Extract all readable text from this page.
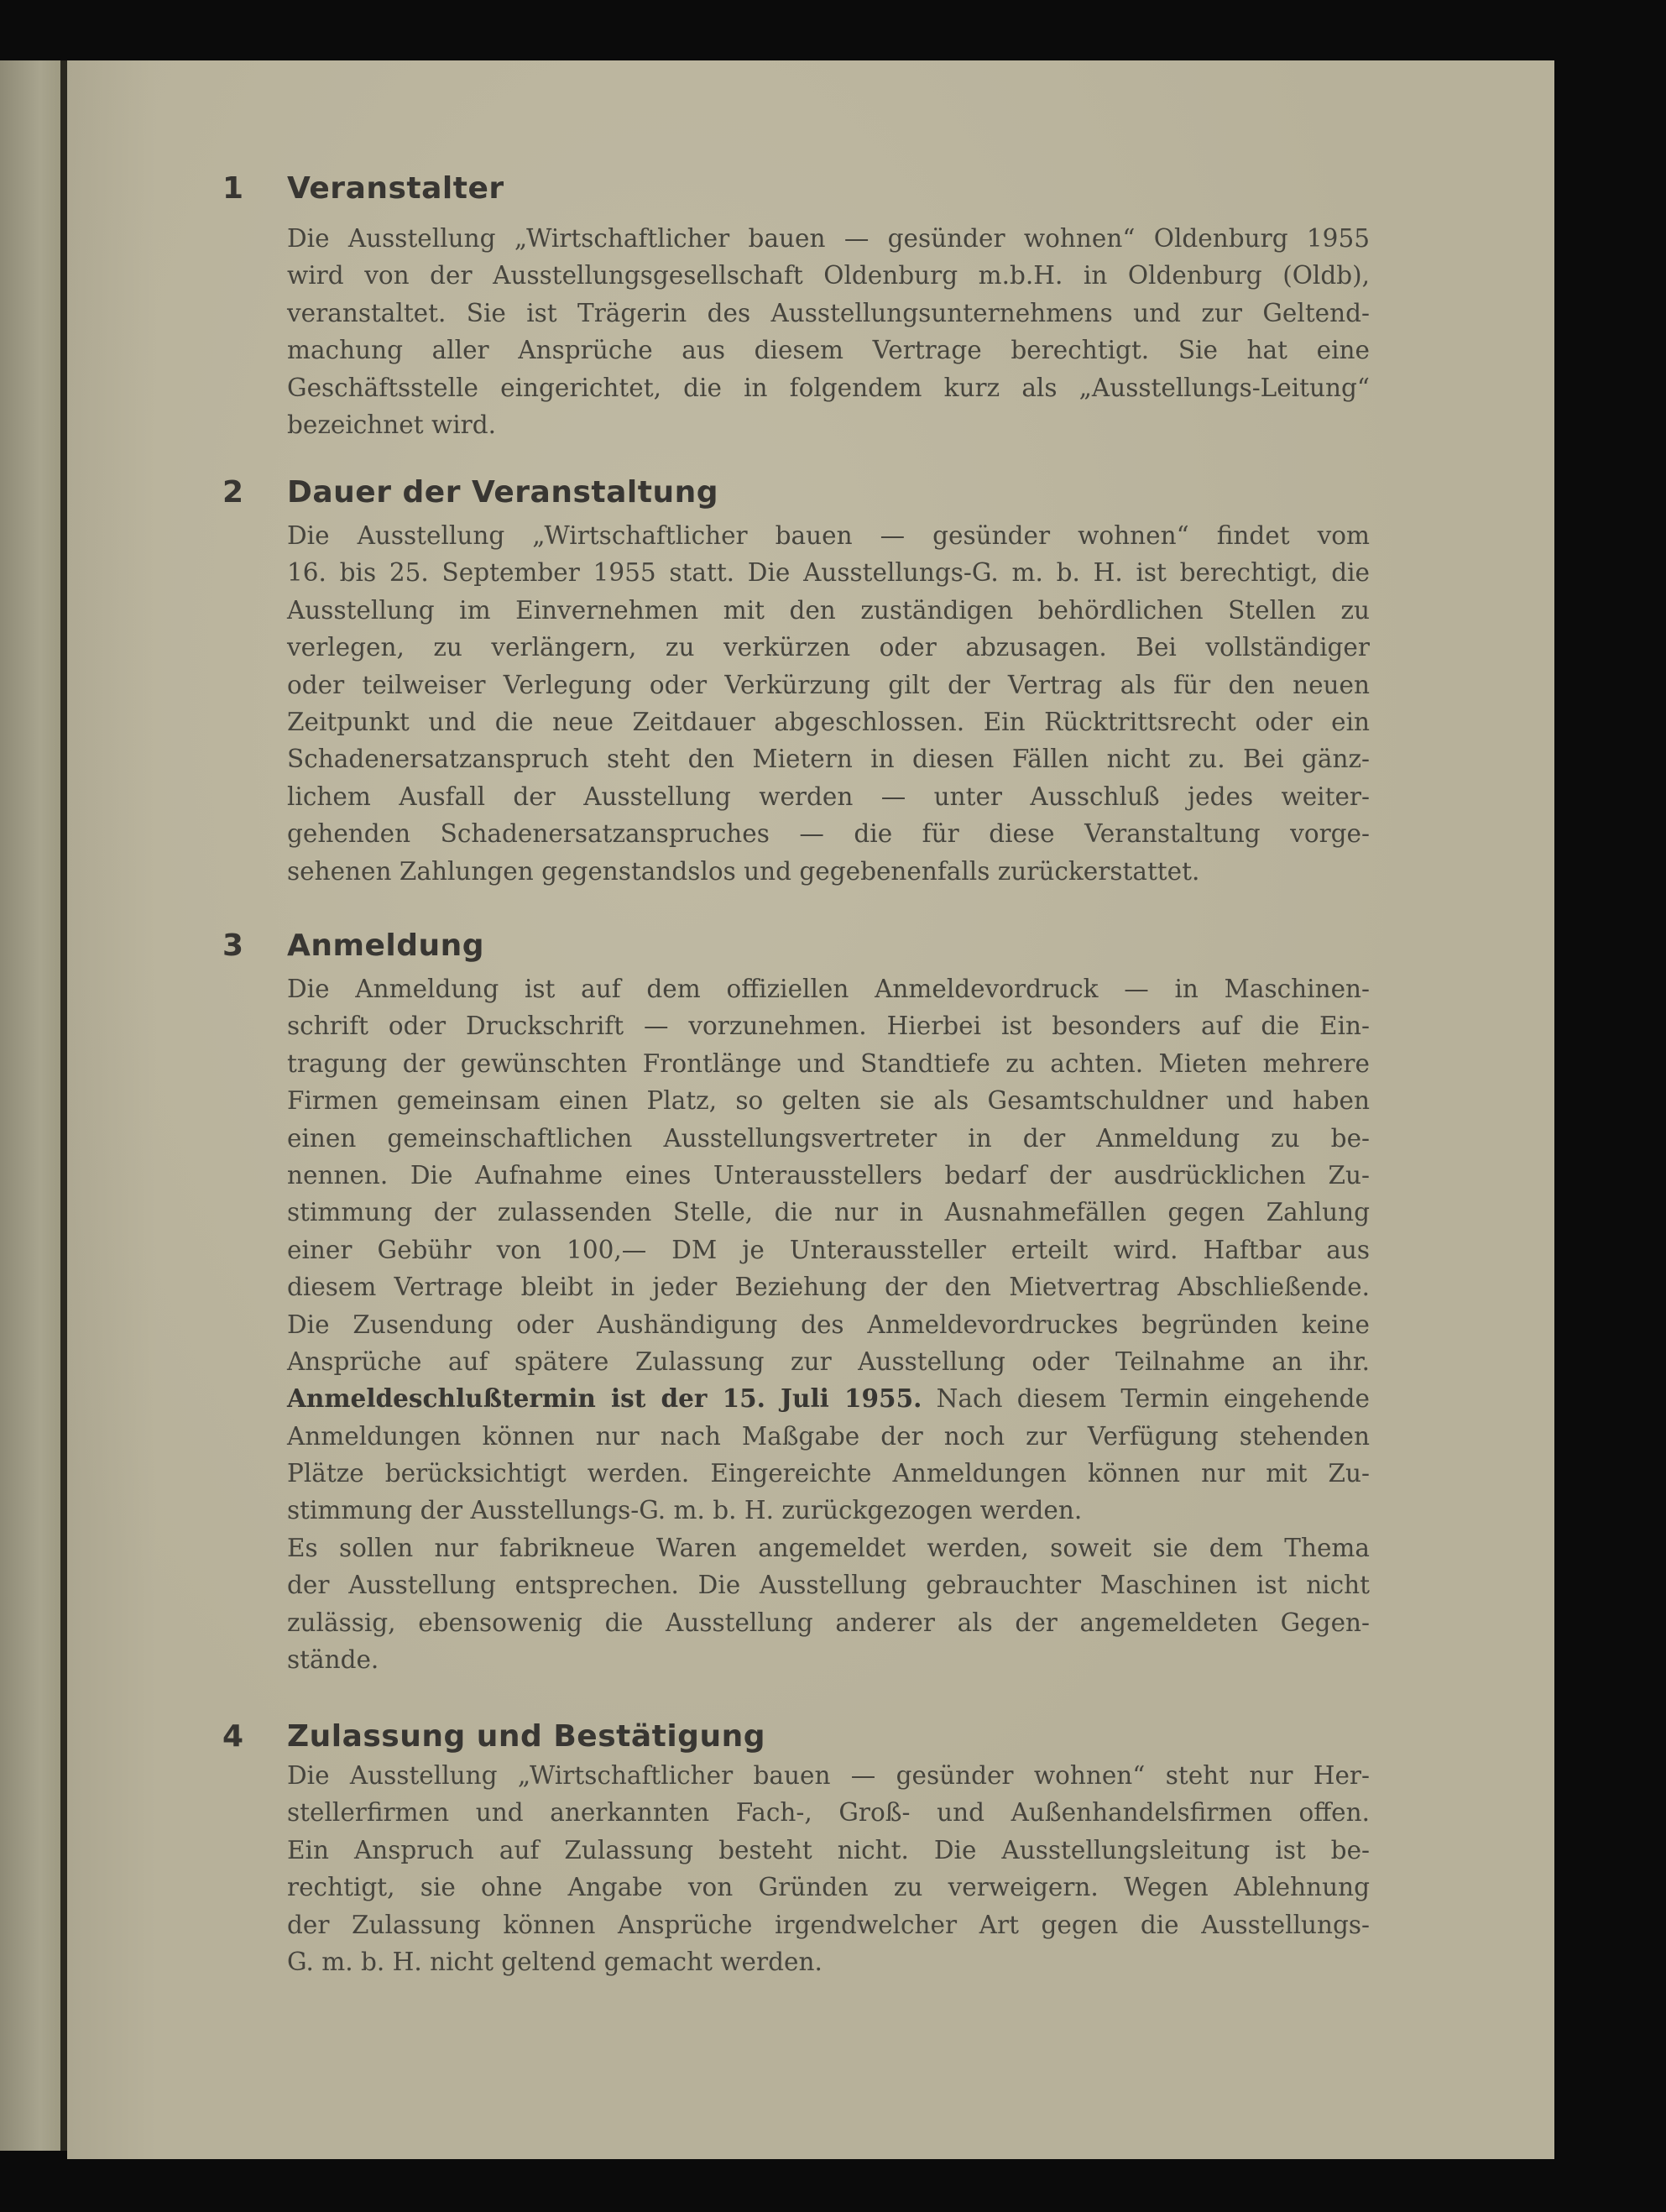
1 Veranstalter
Die Ausstellung „Wirtschaftlicher bauen — gesünder wohnen“ Oldenburg 1955
wird von der Ausstellungsgesellschaft Oldenburg m.b.H. in Oldenburg (Oldb),
veranstaltet. Sie ist Trägerin des Ausstellungsunternehmens und zur Geltend-
machung aller Ansprüche aus diesem Vertrage berechtigt. Sie hat eine
Geschäftsstelle eingerichtet, die in folgendem kurz als „Ausstellungs-Leitung“
bezeichnet wird.
2 Dauer der Veranstaltung
Die Ausstellung „Wirtschaftlicher bauen — gesünder wohnen“ findet vom
16. bis 25. September 1955 statt. Die Ausstellungs-G. m. b. H. ist berechtigt, die
Ausstellung im Einvernehmen mit den zuständigen behördlichen Stellen zu
verlegen, zu verlängern, zu verkürzen oder abzusagen. Bei vollständiger
oder teilweiser Verlegung oder Verkürzung gilt der Vertrag als für den neuen
Zeitpunkt und die neue Zeitdauer abgeschlossen. Ein Rücktrittsrecht oder ein
Schadenersatzanspruch steht den Mietern in diesen Fällen nicht zu. Bei gänz-
lichem Ausfall der Ausstellung werden — unter Ausschluß jedes weiter-
gehenden Schadenersatzanspruches — die für diese Veranstaltung vorge-
sehenen Zahlungen gegenstandslos und gegebenenfalls zurückerstattet.
3 Anmeldung
Die Anmeldung ist auf dem offiziellen Anmeldevordruck — in Maschinen-
schrift oder Druckschrift — vorzunehmen. Hierbei ist besonders auf die Ein-
tragung der gewünschten Frontlänge und Standtiefe zu achten. Mieten mehrere
Firmen gemeinsam einen Platz, so gelten sie als Gesamtschuldner und haben
einen gemeinschaftlichen Ausstellungsvertreter in der Anmeldung zu be-
nennen. Die Aufnahme eines Unterausstellers bedarf der ausdrücklichen Zu-
stimmung der zulassenden Stelle, die nur in Ausnahmefällen gegen Zahlung
einer Gebühr von 100,— DM je Unteraussteller erteilt wird. Haftbar aus
diesem Vertrage bleibt in jeder Beziehung der den Mietvertrag Abschließende.
Die Zusendung oder Aushändigung des Anmeldevordruckes begründen keine
Ansprüche auf spätere Zulassung zur Ausstellung oder Teilnahme an ihr.
Anmeldeschlußtermin ist der 15. Juli 1955. Nach diesem Termin eingehende
Anmeldungen können nur nach Maßgabe der noch zur Verfügung stehenden
Plätze berücksichtigt werden. Eingereichte Anmeldungen können nur mit Zu-
stimmung der Ausstellungs-G. m. b. H. zurückgezogen werden.
Es sollen nur fabrikneue Waren angemeldet werden, soweit sie dem Thema
der Ausstellung entsprechen. Die Ausstellung gebrauchter Maschinen ist nicht
zulässig, ebensowenig die Ausstellung anderer als der angemeldeten Gegen-
stände.
4 Zulassung und Bestätigung
Die Ausstellung „Wirtschaftlicher bauen — gesünder wohnen“ steht nur Her-
stellerfirmen und anerkannten Fach-, Groß- und Außenhandelsfirmen offen.
Ein Anspruch auf Zulassung besteht nicht. Die Ausstellungsleitung ist be-
rechtigt, sie ohne Angabe von Gründen zu verweigern. Wegen Ablehnung
der Zulassung können Ansprüche irgendwelcher Art gegen die Ausstellungs-
G. m. b. H. nicht geltend gemacht werden.
